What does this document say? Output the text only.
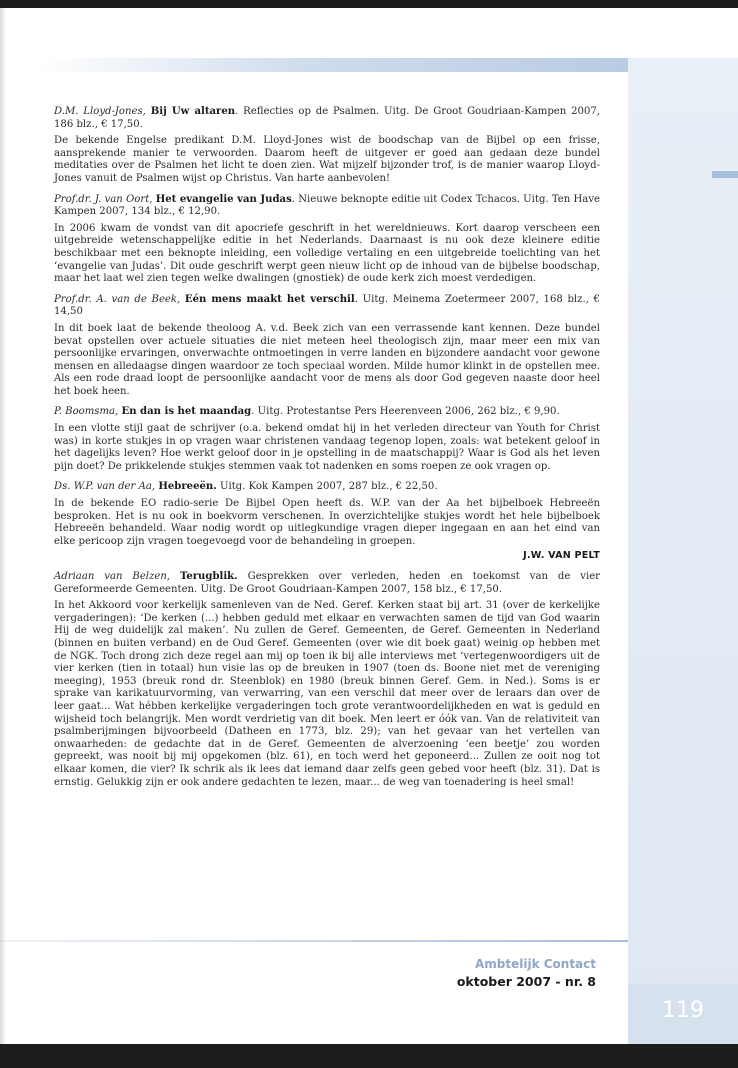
D.M. Lloyd-Jones, Bij Uw altaren. Reflecties op de Psalmen. Uitg. De Groot Goudriaan-Kampen 2007, 186 blz., € 17,50.

De bekende Engelse predikant D.M. Lloyd-Jones wist de boodschap van de Bijbel op een frisse, aansprekende manier te verwoorden. Daarom heeft de uitgever er goed aan gedaan deze bundel meditaties over de Psalmen het licht te doen zien. Wat mijzelf bijzonder trof, is de manier waarop Lloyd-Jones vanuit de Psalmen wijst op Christus. Van harte aanbevolen!

Prof.dr. J. van Oort, Het evangelie van Judas. Nieuwe beknopte editie uit Codex Tchacos. Uitg. Ten Have Kampen 2007, 134 blz., € 12,90.

In 2006 kwam de vondst van dit apocriefe geschrift in het wereldnieuws. Kort daarop verscheen een uitgebreide wetenschappelijke editie in het Nederlands. Daarnaast is nu ook deze kleinere editie beschikbaar met een beknopte inleiding, een volledige vertaling en een uitgebreide toelichting van het ‘evangelie van Judas’. Dit oude geschrift werpt geen nieuw licht op de inhoud van de bijbelse boodschap, maar het laat wel zien tegen welke dwalingen (gnostiek) de oude kerk zich moest verdedigen.

Prof.dr. A. van de Beek, Eén mens maakt het verschil. Uitg. Meinema Zoetermeer 2007, 168 blz., € 14,50

In dit boek laat de bekende theoloog A. v.d. Beek zich van een verrassende kant kennen. Deze bundel bevat opstellen over actuele situaties die niet meteen heel theologisch zijn, maar meer een mix van persoonlijke ervaringen, onverwachte ontmoetingen in verre landen en bijzondere aandacht voor gewone mensen en alledaagse dingen waardoor ze toch speciaal worden. Milde humor klinkt in de opstellen mee. Als een rode draad loopt de persoonlijke aandacht voor de mens als door God gegeven naaste door heel het boek heen.

P. Boomsma, En dan is het maandag. Uitg. Protestantse Pers Heerenveen 2006, 262 blz., € 9,90.

In een vlotte stijl gaat de schrijver (o.a. bekend omdat hij in het verleden directeur van Youth for Christ was) in korte stukjes in op vragen waar christenen vandaag tegenop lopen, zoals: wat betekent geloof in het dagelijks leven? Hoe werkt geloof door in je opstelling in de maatschappij? Waar is God als het leven pijn doet? De prikkelende stukjes stemmen vaak tot nadenken en soms roepen ze ook vragen op.

Ds. W.P. van der Aa, Hebreeën. Uitg. Kok Kampen 2007, 287 blz., € 22,50.

In de bekende EO radio-serie De Bijbel Open heeft ds. W.P. van der Aa het bijbelboek Hebreeën besproken. Het is nu ook in boekvorm verschenen. In overzichtelijke stukjes wordt het hele bijbelboek Hebreeën behandeld. Waar nodig wordt op uitlegkundige vragen dieper ingegaan en aan het eind van elke pericoop zijn vragen toegevoegd voor de behandeling in groepen.

J.W. VAN PELT

Adriaan van Belzen, Terugblik. Gesprekken over verleden, heden en toekomst van de vier Gereformeerde Gemeenten. Uitg. De Groot Goudriaan-Kampen 2007, 158 blz., € 17,50.

In het Akkoord voor kerkelijk samenleven van de Ned. Geref. Kerken staat bij art. 31 (over de kerkelijke vergaderingen): ‘De kerken (...) hebben geduld met elkaar en verwachten samen de tijd van God waarin Hij de weg duidelijk zal maken’. Nu zullen de Geref. Gemeenten, de Geref. Gemeenten in Nederland (binnen en buiten verband) en de Oud Geref. Gemeenten (over wie dit boek gaat) weinig op hebben met de NGK. Toch drong zich deze regel aan mij op toen ik bij alle interviews met ‘vertegenwoordigers uit de vier kerken (tien in totaal) hun visie las op de breuken in 1907 (toen ds. Boone niet met de vereniging meeging), 1953 (breuk rond dr. Steenblok) en 1980 (breuk binnen Geref. Gem. in Ned.). Soms is er sprake van karikatuurvorming, van verwarring, van een verschil dat meer over de leraars dan over de leer gaat... Wat hébben kerkelijke vergaderingen toch grote verantwoordelijkheden en wat is geduld en wijsheid toch belangrijk. Men wordt verdrietig van dit boek. Men leert er óók van. Van de relativiteit van psalmberijmingen bijvoorbeeld (Datheen en 1773, blz. 29); van het gevaar van het vertellen van onwaarheden: de gedachte dat in de Geref. Gemeenten de alverzoening ‘een beetje’ zou worden gepreekt, was nooit bij mij opgekomen (blz. 61), en toch werd het geponeerd... Zullen ze ooit nog tot elkaar komen, die vier? Ik schrik als ik lees dat iemand daar zelfs geen gebed voor heeft (blz. 31). Dat is ernstig. Gelukkig zijn er ook andere gedachten te lezen, maar... de weg van toenadering is heel smal!

Ambtelijk Contact
oktober 2007 - nr. 8
119
